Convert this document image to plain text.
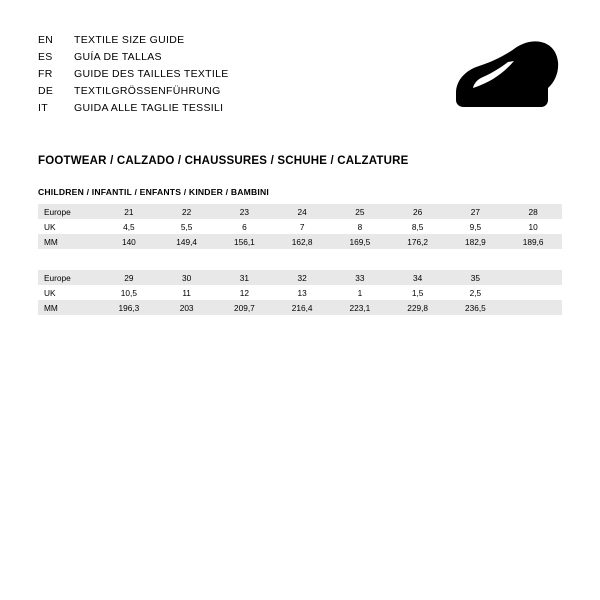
EN	TEXTILE SIZE GUIDE
ES	GUÍA DE TALLAS
FR	GUIDE DES TAILLES TEXTILE
DE	TEXTILGRÖSSENFÜHRUNG
IT	GUIDA ALLE TAGLIE TESSILI
FOOTWEAR / CALZADO / CHAUSSURES / SCHUHE / CALZATURE
CHILDREN / INFANTIL / ENFANTS / KINDER / BAMBINI
Europe	21	22	23	24	25	26	27	28
UK	4,5	5,5	6	7	8	8,5	9,5	10
MM	140	149,4	156,1	162,8	169,5	176,2	182,9	189,6
Europe	29	30	31	32	33	34	35	
UK	10,5	11	12	13	1	1,5	2,5	
MM	196,3	203	209,7	216,4	223,1	229,8	236,5	
